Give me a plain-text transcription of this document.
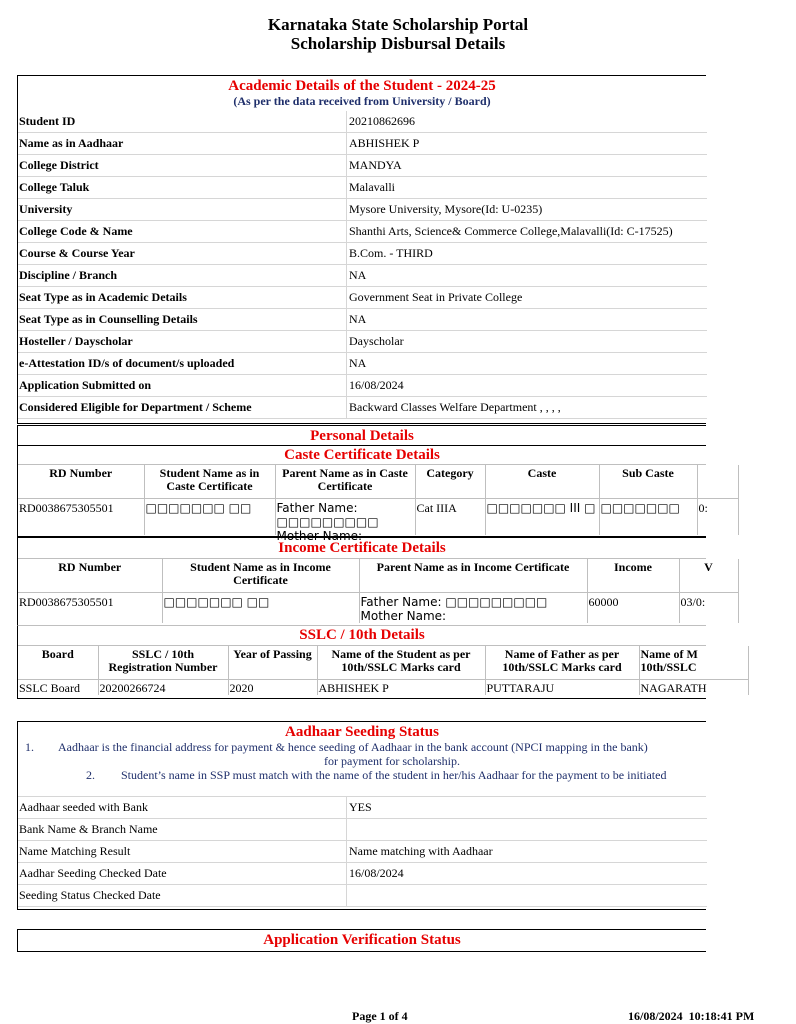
Karnataka State Scholarship Portal
Scholarship Disbursal Details
Academic Details of the Student - 2024-25
(As per the data received from University / Board)
Student ID	20210862696
Name as in Aadhaar	ABHISHEK P
College District	MANDYA
College Taluk	Malavalli
University	Mysore University, Mysore(Id: U-0235)
College Code & Name	Shanthi Arts, Science& Commerce College,Malavalli(Id: C-17525)
Course & Course Year	B.Com. - THIRD
Discipline / Branch	NA
Seat Type as in Academic Details	Government Seat in Private College
Seat Type as in Counselling Details	NA
Hosteller / Dayscholar	Dayscholar
e-Attestation ID/s of document/s uploaded	NA
Application Submitted on	16/08/2024
Considered Eligible for Department / Scheme	Backward Classes Welfare Department , , , ,
Personal Details
Caste Certificate Details
RD Number	Student Name as in Caste Certificate	Parent Name as in Caste Certificate	Category	Caste	Sub Caste	
RD0038675305501	□□□□□□□ □□	Father Name: □□□□□□□□□ Mother Name:	Cat IIIA	□□□□□□□ III □	□□□□□□□	0:
Income Certificate Details
RD Number	Student Name as in Income Certificate	Parent Name as in Income Certificate	Income	V
RD0038675305501	□□□□□□□ □□	Father Name: □□□□□□□□□ Mother Name:	60000	03/0:
SSLC / 10th Details
Board	SSLC / 10th Registration Number	Year of Passing	Name of the Student as per 10th/SSLC Marks card	Name of Father as per 10th/SSLC Marks card	Name of M 10th/SSLC
SSLC Board	20200266724	2020	ABHISHEK P	PUTTARAJU	NAGARATH
Aadhaar Seeding Status
1. Aadhaar is the financial address for payment & hence seeding of Aadhaar in the bank account (NPCI mapping in the bank)
for payment for scholarship.
2. Student’s name in SSP must match with the name of the student in her/his Aadhaar for the payment to be initiated
Aadhaar seeded with Bank	YES
Bank Name & Branch Name	
Name Matching Result	Name matching with Aadhaar
Aadhar Seeding Checked Date	16/08/2024
Seeding Status Checked Date	
Application Verification Status
Page 1 of 4	16/08/2024  10:18:41 PM
